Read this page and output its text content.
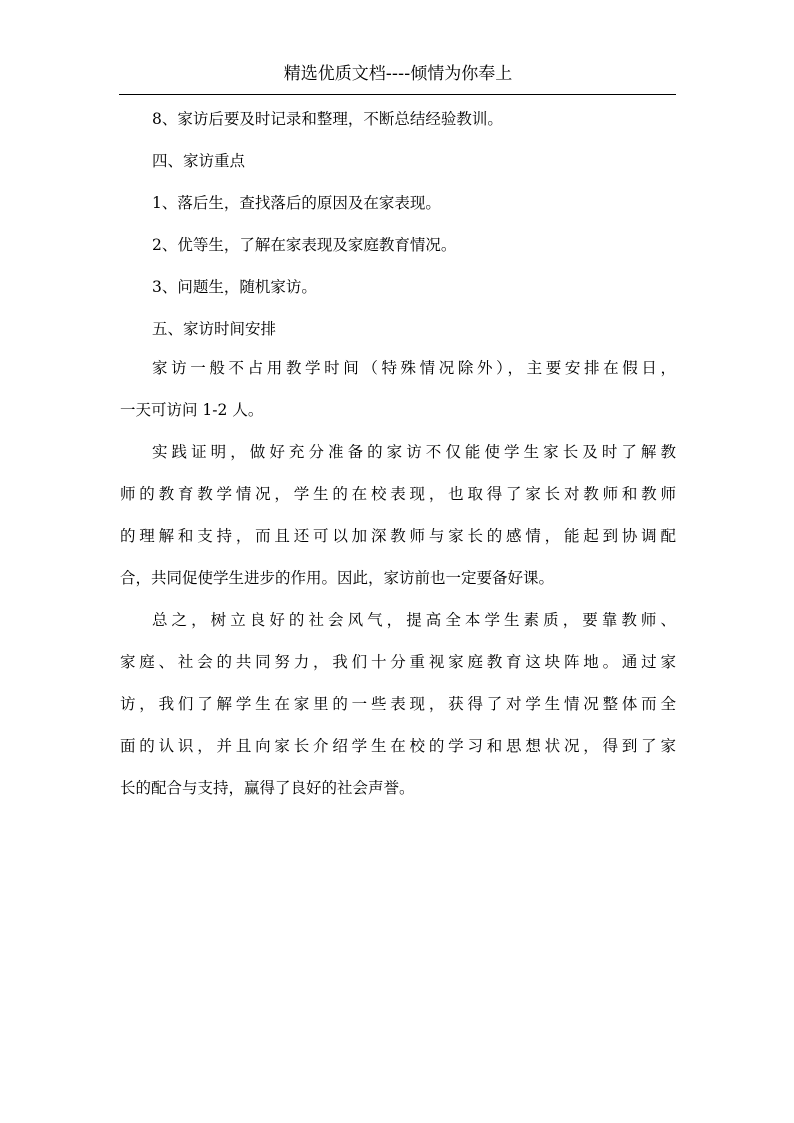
精选优质文档----倾情为你奉上
8、家访后要及时记录和整理，不断总结经验教训。
四、家访重点
1、落后生，查找落后的原因及在家表现。
2、优等生，了解在家表现及家庭教育情况。
3、问题生，随机家访。
五、家访时间安排
家访一般不占用教学时间（特殊情况除外），主要安排在假日，
一天可访问 1-2 人。
实践证明，做好充分准备的家访不仅能使学生家长及时了解教
师的教育教学情况，学生的在校表现，也取得了家长对教师和教师
的理解和支持，而且还可以加深教师与家长的感情，能起到协调配
合，共同促使学生进步的作用。因此，家访前也一定要备好课。
总之，树立良好的社会风气，提高全本学生素质，要靠教师、
家庭、社会的共同努力，我们十分重视家庭教育这块阵地。通过家
访，我们了解学生在家里的一些表现，获得了对学生情况整体而全
面的认识，并且向家长介绍学生在校的学习和思想状况，得到了家
长的配合与支持，赢得了良好的社会声誉。
